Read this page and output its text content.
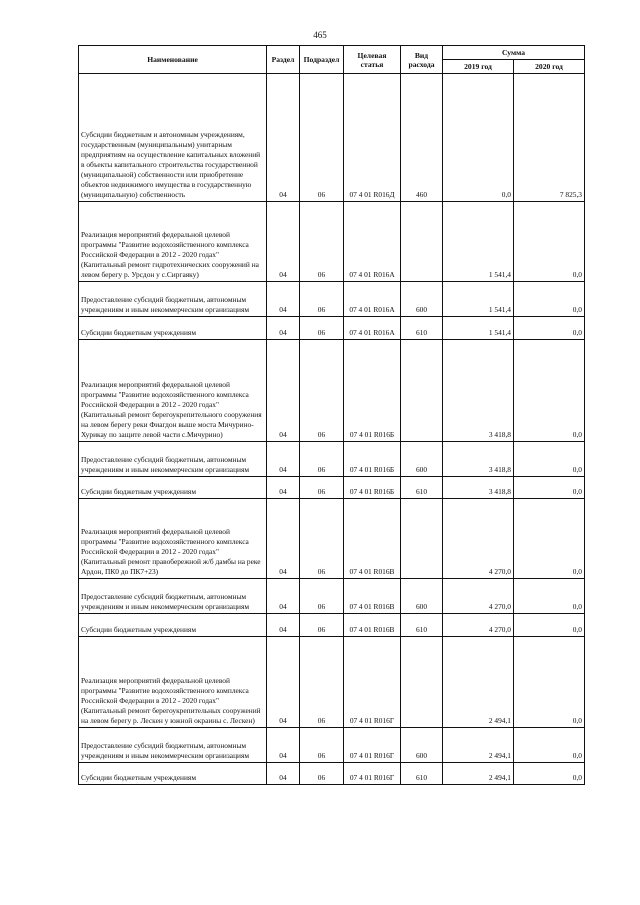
465
Наименование	Раздел	Подраздел	Целевая статья	Вид расхода	Сумма	
					2019 год	2020 год
Субсидии бюджетным и автономным учреждениям, государственным (муниципальным) унитарным предприятиям на осуществление капитальных вложений в объекты капитального строительства государственной (муниципальной) собственности или приобретение объектов недвижимого имущества в государственную (муниципальную) собственность	04	06	07 4 01 R016Д	460	0,0	7 825,3
Реализация мероприятий федеральной целевой программы "Развитие водохозяйственного комплекса Российской Федерации в 2012 - 2020 годах" (Капитальный ремонт гидротехнических сооружений на левом берегу р. Урсдон у с.Сиргаяку)	04	06	07 4 01 R016А		1 541,4	0,0
Предоставление субсидий бюджетным, автономным учреждениям и иным некоммерческим организациям	04	06	07 4 01 R016А	600	1 541,4	0,0
Субсидии бюджетным учреждениям	04	06	07 4 01 R016А	610	1 541,4	0,0
Реализация мероприятий федеральной целевой программы "Развитие водохозяйственного комплекса Российской Федерации в 2012 - 2020 годах" (Капитальный ремонт берегоукрепительного сооружения на левом берегу реки Фиагдон выше моста Мичурино-Хурикау по защите левой части с.Мичурино)	04	06	07 4 01 R016Б		3 418,8	0,0
Предоставление субсидий бюджетным, автономным учреждениям и иным некоммерческим организациям	04	06	07 4 01 R016Б	600	3 418,8	0,0
Субсидии бюджетным учреждениям	04	06	07 4 01 R016Б	610	3 418,8	0,0
Реализация мероприятий федеральной целевой программы "Развитие водохозяйственного комплекса Российской Федерации в 2012 - 2020 годах" (Капитальный ремонт правобережной ж/б дамбы на реке Ардон, ПК0 до ПК7+23)	04	06	07 4 01 R016В		4 270,0	0,0
Предоставление субсидий бюджетным, автономным учреждениям и иным некоммерческим организациям	04	06	07 4 01 R016В	600	4 270,0	0,0
Субсидии бюджетным учреждениям	04	06	07 4 01 R016В	610	4 270,0	0,0
Реализация мероприятий федеральной целевой программы "Развитие водохозяйственного комплекса Российской Федерации в 2012 - 2020 годах" (Капитальный ремонт берегоукрепительных сооружений на левом берегу р. Лескен у южной окраины с. Лескен)	04	06	07 4 01 R016Г		2 494,1	0,0
Предоставление субсидий бюджетным, автономным учреждениям и иным некоммерческим организациям	04	06	07 4 01 R016Г	600	2 494,1	0,0
Субсидии бюджетным учреждениям	04	06	07 4 01 R016Г	610	2 494,1	0,0
